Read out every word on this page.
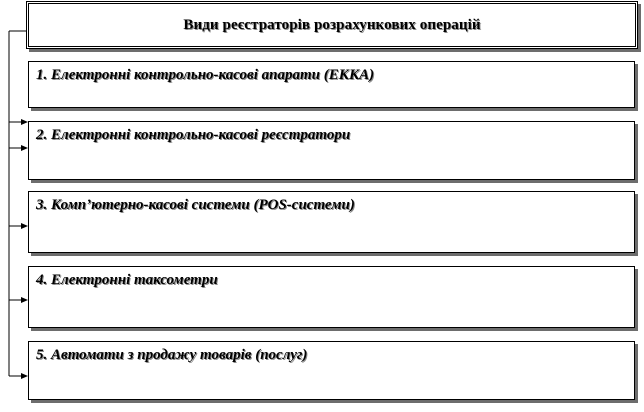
Види реєстраторів розрахункових операцій
1. Електронні контрольно-касові апарати (ЕККА)
2. Електронні контрольно-касові реєстратори
3. Комп’ютерно-касові системи (POS-системи)
4. Електронні таксометри
5. Автомати з продажу товарів (послуг)
